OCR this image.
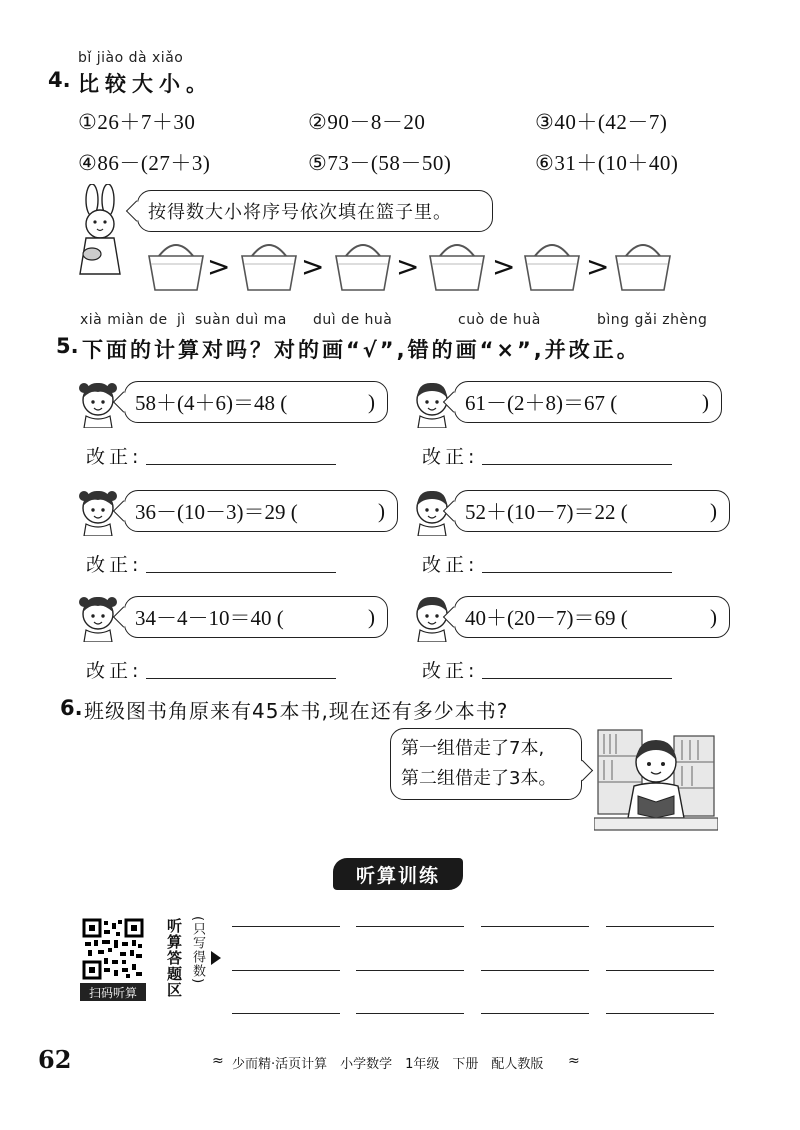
bǐ jiào dà xiǎo
4. 比较大小。
①26＋7＋30	②90－8－20	③40＋(42－7)
④86－(27＋3)	⑤73－(58－50)	⑥31＋(10＋40)
按得数大小将序号依次填在篮子里。
>	>	>	>	>
xià miàn de jì suàn duì ma duì de huà	cuò de huà	bìng gǎi zhèng
5. 下面的计算对吗？对的画“√”,错的画“×”,并改正。
58＋(4＋6)＝48 (	)	61－(2＋8)＝67 (	)
改正:	改正:
36－(10－3)＝29 (	)	52＋(10－7)＝22 (	)
改正:	改正:
34－4－10＝40 (	)	40＋(20－7)＝69 (	)
改正:	改正:
6. 班级图书角原来有45本书,现在还有多少本书?
第一组借走了7本,
第二组借走了3本。
听算训练
扫码听算	听算答题区 (只写得数)
62	≈ 少而精·活页计算　小学数学　1年级　下册　配人教版 ≈
